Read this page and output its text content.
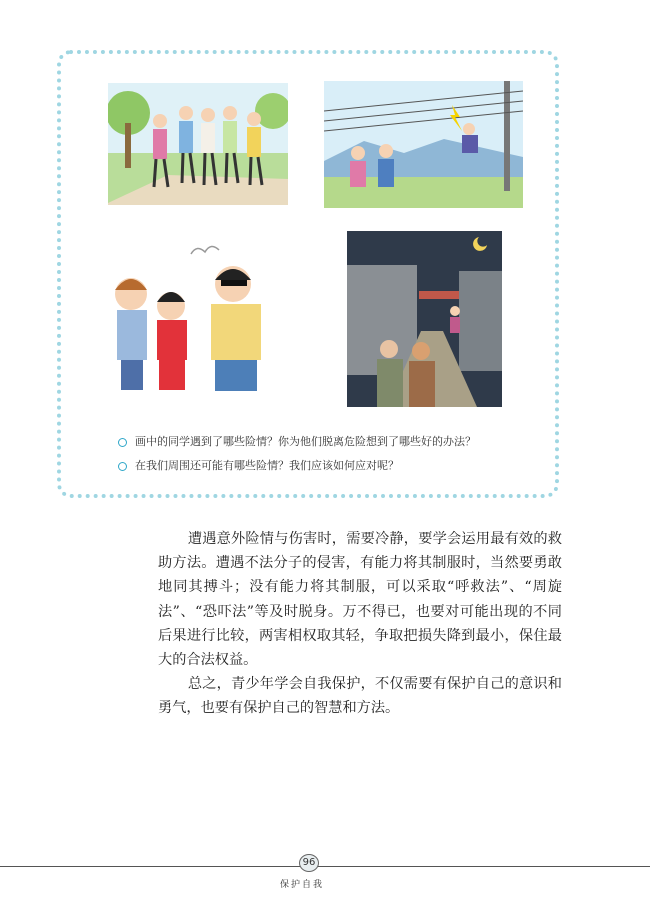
画中的同学遇到了哪些险情？你为他们脱离危险想到了哪些好的办法？
在我们周围还可能有哪些险情？我们应该如何应对呢？

遭遇意外险情与伤害时，需要冷静，要学会运用最有效的救助方法。遭遇不法分子的侵害，有能力将其制服时，当然要勇敢地同其搏斗；没有能力将其制服，可以采取“呼救法”、“周旋法”、“恐吓法”等及时脱身。万不得已，也要对可能出现的不同后果进行比较，两害相权取其轻，争取把损失降到最小，保住最大的合法权益。

总之，青少年学会自我保护，不仅需要有保护自己的意识和勇气，也要有保护自己的智慧和方法。

96
保护自我
